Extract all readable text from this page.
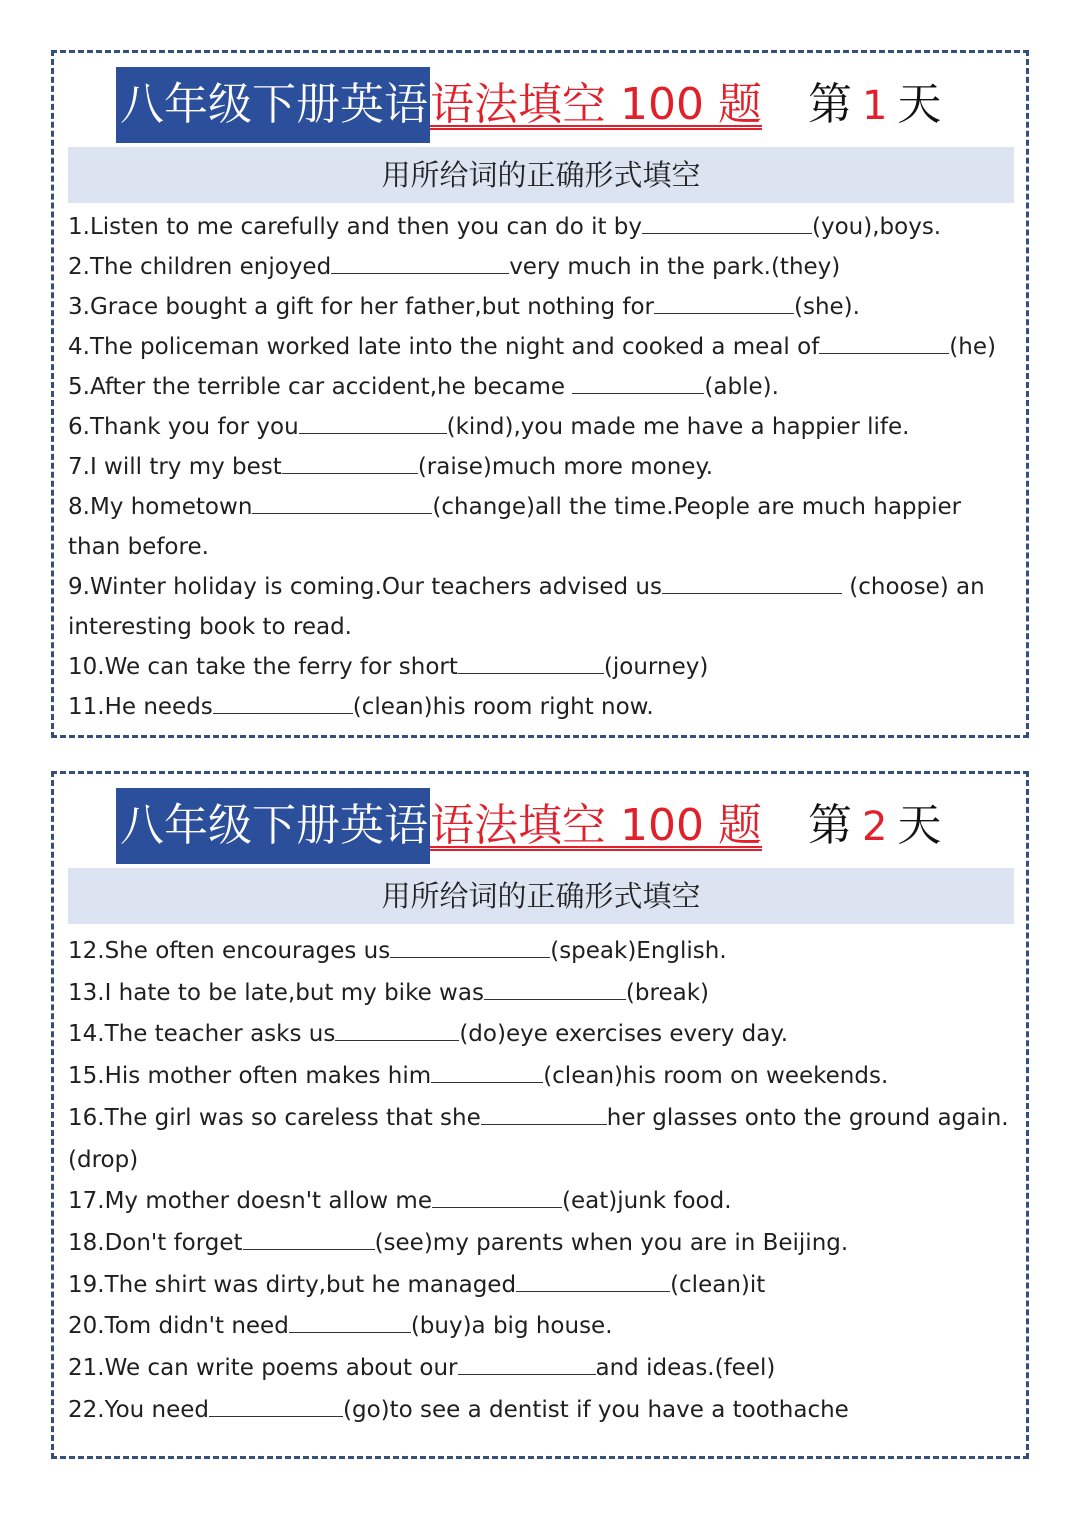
八年级下册英语 语法填空 100 题 第 1 天
用所给词的正确形式填空
1.Listen to me carefully and then you can do it by	(you),boys.
2.The children enjoyed	very much in the park.(they)
3.Grace bought a gift for her father,but nothing for	(she).
4.The policeman worked late into the night and cooked a meal of	(he)
5.After the terrible car accident,he became	(able).
6.Thank you for you	(kind),you made me have a happier life.
7.I will try my best	(raise)much more money.
8.My hometown	(change)all the time.People are much happier than before.
9.Winter holiday is coming.Our teachers advised us	(choose) an interesting book to read.
10.We can take the ferry for short	(journey)
11.He needs	(clean)his room right now.
八年级下册英语 语法填空 100 题 第 2 天
用所给词的正确形式填空
12.She often encourages us	(speak)English.
13.I hate to be late,but my bike was	(break)
14.The teacher asks us	(do)eye exercises every day.
15.His mother often makes him	(clean)his room on weekends.
16.The girl was so careless that she	her glasses onto the ground again.(drop)
17.My mother doesn't allow me	(eat)junk food.
18.Don't forget	(see)my parents when you are in Beijing.
19.The shirt was dirty,but he managed	(clean)it
20.Tom didn't need	(buy)a big house.
21.We can write poems about our	and ideas.(feel)
22.You need	(go)to see a dentist if you have a toothache
